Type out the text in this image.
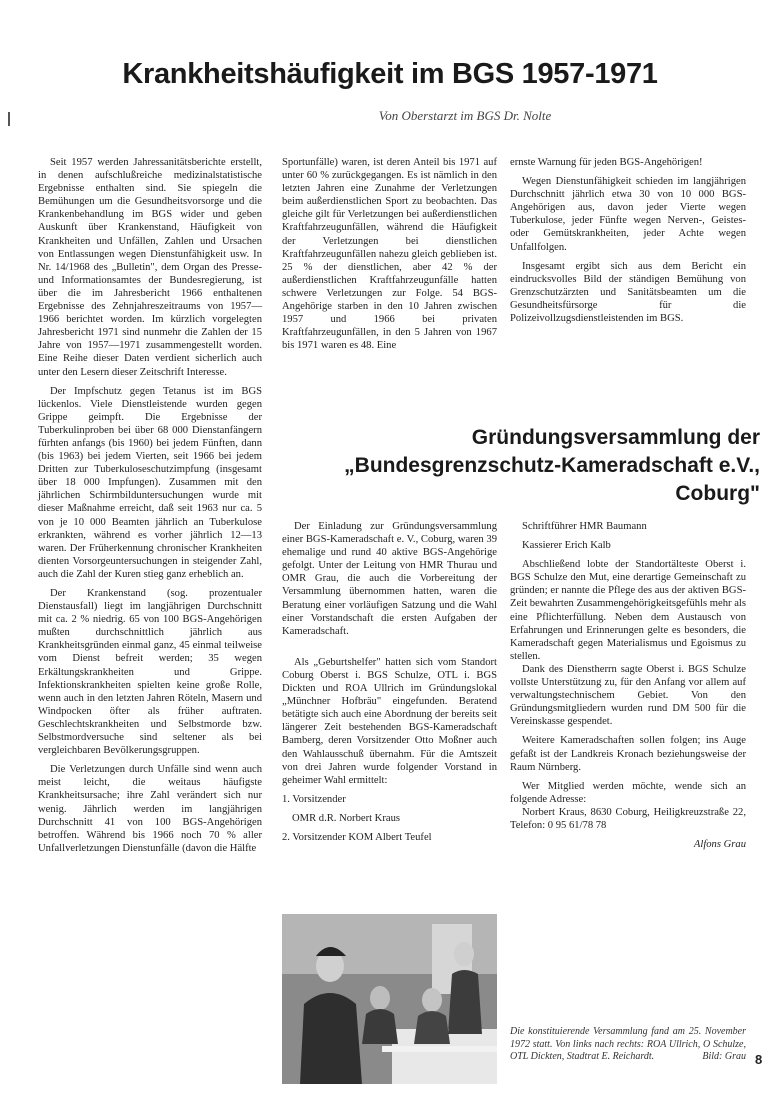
Krankheitshäufigkeit im BGS 1957-1971
Von Oberstarzt im BGS Dr. Nolte

Seit 1957 werden Jahressanitätsberichte erstellt, in denen aufschlußreiche medizinalstatistische Ergebnisse enthalten sind. Sie spiegeln die Bemühungen um die Gesundheitsvorsorge und die Krankenbehandlung im BGS wider und geben Auskunft über Krankenstand, Häufigkeit von Krankheiten und Unfällen, Zahlen und Ursachen von Entlassungen wegen Dienstunfähigkeit usw. In Nr. 14/1968 des „Bulletin", dem Organ des Presse- und Informationsamtes der Bundesregierung, ist über die im Jahresbericht 1966 enthaltenen Ergebnisse des Zehnjahreszeitraums von 1957—1966 berichtet worden. Im kürzlich vorgelegten Jahresbericht 1971 sind nunmehr die Zahlen der 15 Jahre von 1957—1971 zusammengestellt worden. Eine Reihe dieser Daten verdient sicherlich auch unter den Lesern dieser Zeitschrift Interesse.

Der Impfschutz gegen Tetanus ist im BGS lückenlos. Viele Dienstleistende wurden gegen Grippe geimpft. Die Ergebnisse der Tuberkulinproben bei über 68 000 Dienstanfängern fürhten anfangs (bis 1960) bei jedem Fünften, dann (bis 1963) bei jedem Vierten, seit 1966 bei jedem Dritten zur Tuberkuloseschutzimpfung (insgesamt über 18 000 Impfungen). Zusammen mit den jährlichen Schirmbilduntersuchungen wurde mit dieser Maßnahme erreicht, daß seit 1963 nur ca. 5 von je 10 000 Beamten jährlich an Tuberkulose erkrankten, während es vorher jährlich 12—13 waren. Der Früherkennung chronischer Krankheiten dienten Vorsorgeuntersuchungen in steigender Zahl, auch die Zahl der Kuren stieg ganz erheblich an.

Der Krankenstand (sog. prozentualer Dienstausfall) liegt im langjährigen Durchschnitt mit ca. 2 % niedrig. 65 von 100 BGS-Angehörigen mußten durchschnittlich jährlich aus Krankheitsgründen einmal ganz, 45 einmal teilweise vom Dienst befreit werden; 35 wegen Erkältungskrankheiten und Grippe. Infektionskrankheiten spielten keine große Rolle, wenn auch in den letzten Jahren Röteln, Masern und Windpocken öfter als früher auftraten. Geschlechtskrankheiten und Selbstmorde bzw. Selbstmordversuche sind seltener als bei vergleichbaren Bevölkerungsgruppen.

Die Verletzungen durch Unfälle sind wenn auch meist leicht, die weitaus häufigste Krankheitsursache; ihre Zahl verändert sich nur wenig. Jährlich werden im langjährigen Durchschnitt 41 von 100 BGS-Angehörigen betroffen. Während bis 1966 noch 70 % aller Unfallverletzungen Dienstunfälle (davon die Hälfte

Sportunfälle) waren, ist deren Anteil bis 1971 auf unter 60 % zurückgegangen. Es ist nämlich in den letzten Jahren eine Zunahme der Verletzungen beim außerdienstlichen Sport zu beobachten. Das gleiche gilt für Verletzungen bei außerdienstlichen Kraftfahrzeugunfällen, während die Häufigkeit der Verletzungen bei dienstlichen Kraftfahrzeugunfällen nahezu gleich geblieben ist. 25 % der dienstlichen, aber 42 % der außerdienstlichen Kraftfahrzeugunfälle hatten schwere Verletzungen zur Folge. 54 BGS-Angehörige starben in den 10 Jahren zwischen 1957 und 1966 bei privaten Kraftfahrzeugunfällen, in den 5 Jahren von 1967 bis 1971 waren es 48. Eine

ernste Warnung für jeden BGS-Angehörigen!

Wegen Dienstunfähigkeit schieden im langjährigen Durchschnitt jährlich etwa 30 von 10 000 BGS-Angehörigen aus, davon jeder Vierte wegen Tuberkulose, jeder Fünfte wegen Nerven-, Geistes- oder Gemütskrankheiten, jeder Achte wegen Unfallfolgen.

Insgesamt ergibt sich aus dem Bericht ein eindrucksvolles Bild der ständigen Bemühung von Grenzschutzärzten und Sanitätsbeamten um die Gesundheitsfürsorge für die Polizeivollzugsdienstleistenden im BGS.

Gründungsversammlung der
„Bundesgrenzschutz-Kameradschaft e.V.,
Coburg"

Der Einladung zur Gründungsversammlung einer BGS-Kameradschaft e. V., Coburg, waren 39 ehemalige und rund 40 aktive BGS-Angehörige gefolgt. Unter der Leitung von HMR Thurau und OMR Grau, die auch die Vorbereitung der Versammlung übernommen hatten, waren die Beratung einer vorläufigen Satzung und die Wahl einer Vorstandschaft die ersten Aufgaben der Kameradschaft.

Als „Geburtshelfer" hatten sich vom Standort Coburg Oberst i. BGS Schulze, OTL i. BGS Dickten und ROA Ullrich im Gründungslokal „Münchner Hofbräu" eingefunden. Beratend betätigte sich auch eine Abordnung der bereits seit längerer Zeit bestehenden BGS-Kameradschaft Bamberg, deren Vorsitzender Otto Moßner auch den Wahlausschuß übernahm. Für die Amtszeit von drei Jahren wurde folgender Vorstand in geheimer Wahl ermittelt:

1. Vorsitzender
OMR d.R. Norbert Kraus
2. Vorsitzender KOM Albert Teufel

Schriftführer HMR Baumann

Kassierer Erich Kalb

Abschließend lobte der Standortälteste Oberst i. BGS Schulze den Mut, eine derartige Gemeinschaft zu gründen; er nannte die Pflege des aus der aktiven BGS-Zeit bewahrten Zusammengehörigkeitsgefühls mehr als eine Pflichterfüllung. Neben dem Austausch von Erfahrungen und Erinnerungen gelte es besonders, die Kameradschaft gegen Materialismus und Egoismus zu stellen.

Dank des Dienstherrn sagte Oberst i. BGS Schulze vollste Unterstützung zu, für den Anfang vor allem auf verwaltungstechnischem Gebiet. Von den Gründungsmitgliedern wurden rund DM 500 für die Vereinskasse gespendet.

Weitere Kameradschaften sollen folgen; ins Auge gefaßt ist der Landkreis Kronach beziehungsweise der Raum Nürnberg.

Wer Mitglied werden möchte, wende sich an folgende Adresse:

Norbert Kraus, 8630 Coburg, Heiligkreuzstraße 22, Telefon: 0 95 61/78 78

Alfons Grau

Die konstituierende Versammlung fand am 25. November 1972 statt. Von links nach rechts: ROA Ullrich, O Schulze, OTL Dickten, Stadtrat E. Reichardt.	Bild: Grau 8
